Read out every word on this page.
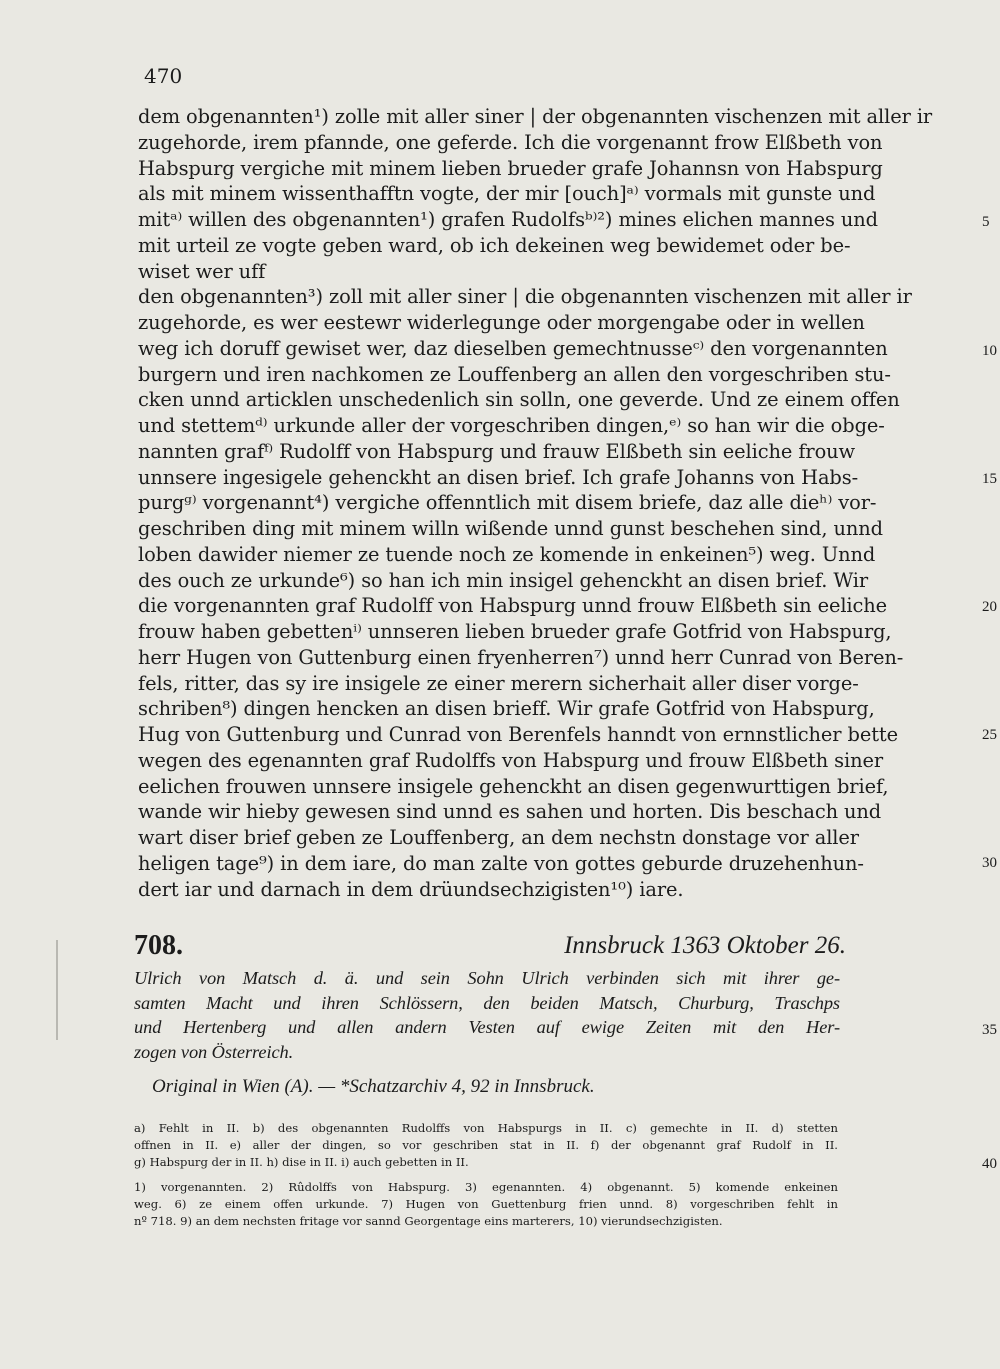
470
dem obgenannten¹) zolle mit aller siner | der obgenannten vischenzen mit aller ir
zugehorde, irem pfannde, one geferde. Ich die vorgenannt frow Elßbeth von
Habspurg vergiche mit minem lieben brueder grafe Johannsn von Habspurg
als mit minem wissenthafftn vogte, der mir [ouch]ᵃ⁾ vormals mit gunste und
mitᵃ⁾ willen des obgenannten¹) grafen Rudolfsᵇ⁾²) mines elichen mannes und
mit urteil ze vogte geben ward, ob ich dekeinen weg bewidemet oder be-
wiset wer uff
den obgenannten³) zoll mit aller siner | die obgenannten vischenzen mit aller ir
zugehorde, es wer eestewr widerlegunge oder morgengabe oder in wellen
weg ich doruff gewiset wer, daz dieselben gemechtnusseᶜ⁾ den vorgenannten
burgern und iren nachkomen ze Louffenberg an allen den vorgeschriben stu-
cken unnd articklen unschedenlich sin solln, one geverde. Und ze einem offen
und stettemᵈ⁾ urkunde aller der vorgeschriben dingen,ᵉ⁾ so han wir die obge-
nannten grafᶠ⁾ Rudolff von Habspurg und frauw Elßbeth sin eeliche frouw
unnsere ingesigele gehenckht an disen brief. Ich grafe Johanns von Habs-
purgᵍ⁾ vorgenannt⁴) vergiche offenntlich mit disem briefe, daz alle dieʰ⁾ vor-
geschriben ding mit minem willn wißende unnd gunst beschehen sind, unnd
loben dawider niemer ze tuende noch ze komende in enkeinen⁵) weg. Unnd
des ouch ze urkunde⁶) so han ich min insigel gehenckht an disen brief. Wir
die vorgenannten graf Rudolff von Habspurg unnd frouw Elßbeth sin eeliche
frouw haben gebettenⁱ⁾ unnseren lieben brueder grafe Gotfrid von Habspurg,
herr Hugen von Guttenburg einen fryenherren⁷) unnd herr Cunrad von Beren-
fels, ritter, das sy ire insigele ze einer merern sicherhait aller diser vorge-
schriben⁸) dingen hencken an disen brieff. Wir grafe Gotfrid von Habspurg,
Hug von Guttenburg und Cunrad von Berenfels hanndt von ernnstlicher bette
wegen des egenannten graf Rudolffs von Habspurg und frouw Elßbeth siner
eelichen frouwen unnsere insigele gehenckht an disen gegenwurttigen brief,
wande wir hieby gewesen sind unnd es sahen und horten. Dis beschach und
wart diser brief geben ze Louffenberg, an dem nechstn donstage vor aller
heligen tage⁹) in dem iare, do man zalte von gottes geburde druzehenhun-
dert iar und darnach in dem drüundsechzigisten¹⁰) iare.
5
10
15
20
25
30
35
40
708.	Innsbruck 1363 Oktober 26.
Ulrich von Matsch d. ä. und sein Sohn Ulrich verbinden sich mit ihrer ge-
samten Macht und ihren Schlössern, den beiden Matsch, Churburg, Traschps
und Hertenberg und allen andern Vesten auf ewige Zeiten mit den Her-
zogen von Österreich.
Original in Wien (A). — *Schatzarchiv 4, 92 in Innsbruck.
a) Fehlt in II. b) des obgenannten Rudolffs von Habspurgs in II. c) gemechte in II. d) stetten
offnen in II. e) aller der dingen, so vor geschriben stat in II. f) der obgenannt graf Rudolf in II.
g) Habspurg der in II. h) dise in II. i) auch gebetten in II.
1) vorgenannten. 2) Rûdolffs von Habspurg. 3) egenannten. 4) obgenannt. 5) komende enkeinen
weg. 6) ze einem offen urkunde. 7) Hugen von Guettenburg frien unnd. 8) vorgeschriben fehlt in
nº 718. 9) an dem nechsten fritage vor sannd Georgentage eins marterers, 10) vierundsechzigisten.
